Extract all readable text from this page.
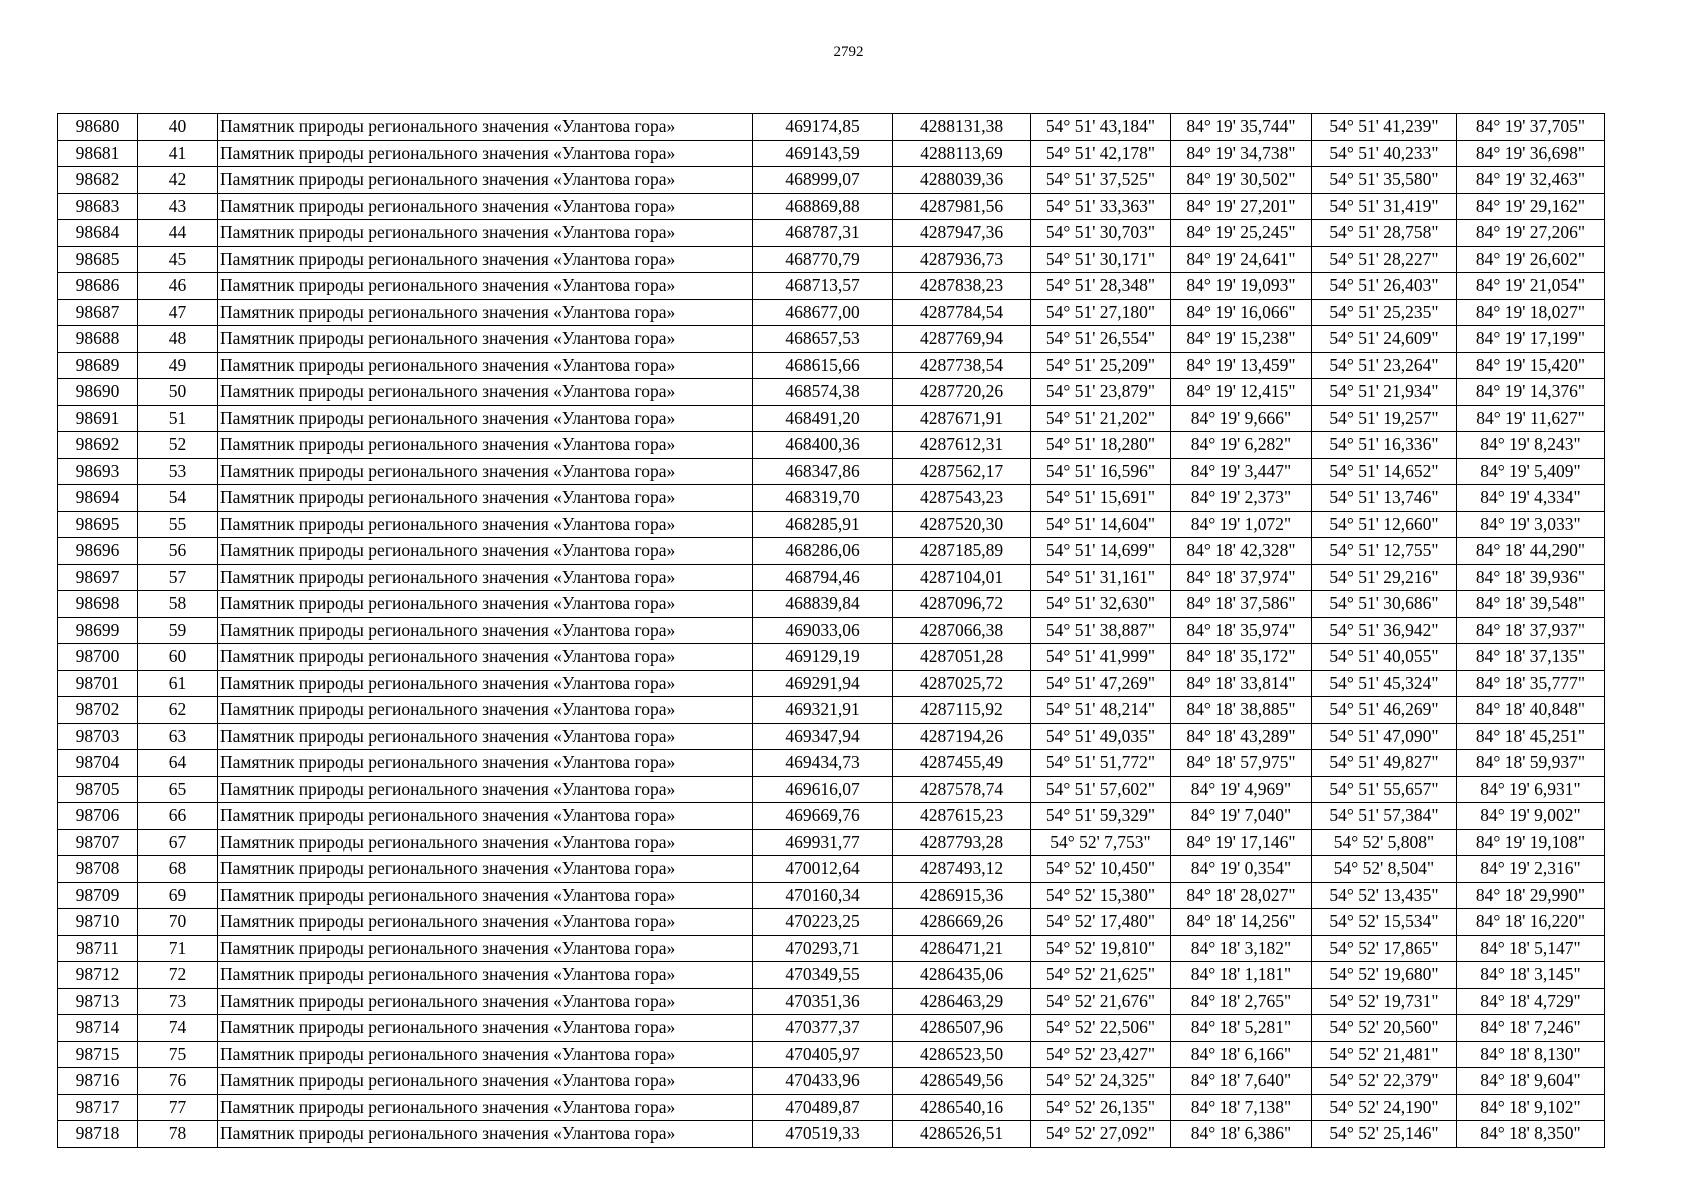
2792
98680	40	Памятник природы регионального значения «Улантова гора»	469174,85	4288131,38	54° 51' 43,184"	84° 19' 35,744"	54° 51' 41,239"	84° 19' 37,705"
98681	41	Памятник природы регионального значения «Улантова гора»	469143,59	4288113,69	54° 51' 42,178"	84° 19' 34,738"	54° 51' 40,233"	84° 19' 36,698"
98682	42	Памятник природы регионального значения «Улантова гора»	468999,07	4288039,36	54° 51' 37,525"	84° 19' 30,502"	54° 51' 35,580"	84° 19' 32,463"
98683	43	Памятник природы регионального значения «Улантова гора»	468869,88	4287981,56	54° 51' 33,363"	84° 19' 27,201"	54° 51' 31,419"	84° 19' 29,162"
98684	44	Памятник природы регионального значения «Улантова гора»	468787,31	4287947,36	54° 51' 30,703"	84° 19' 25,245"	54° 51' 28,758"	84° 19' 27,206"
98685	45	Памятник природы регионального значения «Улантова гора»	468770,79	4287936,73	54° 51' 30,171"	84° 19' 24,641"	54° 51' 28,227"	84° 19' 26,602"
98686	46	Памятник природы регионального значения «Улантова гора»	468713,57	4287838,23	54° 51' 28,348"	84° 19' 19,093"	54° 51' 26,403"	84° 19' 21,054"
98687	47	Памятник природы регионального значения «Улантова гора»	468677,00	4287784,54	54° 51' 27,180"	84° 19' 16,066"	54° 51' 25,235"	84° 19' 18,027"
98688	48	Памятник природы регионального значения «Улантова гора»	468657,53	4287769,94	54° 51' 26,554"	84° 19' 15,238"	54° 51' 24,609"	84° 19' 17,199"
98689	49	Памятник природы регионального значения «Улантова гора»	468615,66	4287738,54	54° 51' 25,209"	84° 19' 13,459"	54° 51' 23,264"	84° 19' 15,420"
98690	50	Памятник природы регионального значения «Улантова гора»	468574,38	4287720,26	54° 51' 23,879"	84° 19' 12,415"	54° 51' 21,934"	84° 19' 14,376"
98691	51	Памятник природы регионального значения «Улантова гора»	468491,20	4287671,91	54° 51' 21,202"	84° 19' 9,666"	54° 51' 19,257"	84° 19' 11,627"
98692	52	Памятник природы регионального значения «Улантова гора»	468400,36	4287612,31	54° 51' 18,280"	84° 19' 6,282"	54° 51' 16,336"	84° 19' 8,243"
98693	53	Памятник природы регионального значения «Улантова гора»	468347,86	4287562,17	54° 51' 16,596"	84° 19' 3,447"	54° 51' 14,652"	84° 19' 5,409"
98694	54	Памятник природы регионального значения «Улантова гора»	468319,70	4287543,23	54° 51' 15,691"	84° 19' 2,373"	54° 51' 13,746"	84° 19' 4,334"
98695	55	Памятник природы регионального значения «Улантова гора»	468285,91	4287520,30	54° 51' 14,604"	84° 19' 1,072"	54° 51' 12,660"	84° 19' 3,033"
98696	56	Памятник природы регионального значения «Улантова гора»	468286,06	4287185,89	54° 51' 14,699"	84° 18' 42,328"	54° 51' 12,755"	84° 18' 44,290"
98697	57	Памятник природы регионального значения «Улантова гора»	468794,46	4287104,01	54° 51' 31,161"	84° 18' 37,974"	54° 51' 29,216"	84° 18' 39,936"
98698	58	Памятник природы регионального значения «Улантова гора»	468839,84	4287096,72	54° 51' 32,630"	84° 18' 37,586"	54° 51' 30,686"	84° 18' 39,548"
98699	59	Памятник природы регионального значения «Улантова гора»	469033,06	4287066,38	54° 51' 38,887"	84° 18' 35,974"	54° 51' 36,942"	84° 18' 37,937"
98700	60	Памятник природы регионального значения «Улантова гора»	469129,19	4287051,28	54° 51' 41,999"	84° 18' 35,172"	54° 51' 40,055"	84° 18' 37,135"
98701	61	Памятник природы регионального значения «Улантова гора»	469291,94	4287025,72	54° 51' 47,269"	84° 18' 33,814"	54° 51' 45,324"	84° 18' 35,777"
98702	62	Памятник природы регионального значения «Улантова гора»	469321,91	4287115,92	54° 51' 48,214"	84° 18' 38,885"	54° 51' 46,269"	84° 18' 40,848"
98703	63	Памятник природы регионального значения «Улантова гора»	469347,94	4287194,26	54° 51' 49,035"	84° 18' 43,289"	54° 51' 47,090"	84° 18' 45,251"
98704	64	Памятник природы регионального значения «Улантова гора»	469434,73	4287455,49	54° 51' 51,772"	84° 18' 57,975"	54° 51' 49,827"	84° 18' 59,937"
98705	65	Памятник природы регионального значения «Улантова гора»	469616,07	4287578,74	54° 51' 57,602"	84° 19' 4,969"	54° 51' 55,657"	84° 19' 6,931"
98706	66	Памятник природы регионального значения «Улантова гора»	469669,76	4287615,23	54° 51' 59,329"	84° 19' 7,040"	54° 51' 57,384"	84° 19' 9,002"
98707	67	Памятник природы регионального значения «Улантова гора»	469931,77	4287793,28	54° 52' 7,753"	84° 19' 17,146"	54° 52' 5,808"	84° 19' 19,108"
98708	68	Памятник природы регионального значения «Улантова гора»	470012,64	4287493,12	54° 52' 10,450"	84° 19' 0,354"	54° 52' 8,504"	84° 19' 2,316"
98709	69	Памятник природы регионального значения «Улантова гора»	470160,34	4286915,36	54° 52' 15,380"	84° 18' 28,027"	54° 52' 13,435"	84° 18' 29,990"
98710	70	Памятник природы регионального значения «Улантова гора»	470223,25	4286669,26	54° 52' 17,480"	84° 18' 14,256"	54° 52' 15,534"	84° 18' 16,220"
98711	71	Памятник природы регионального значения «Улантова гора»	470293,71	4286471,21	54° 52' 19,810"	84° 18' 3,182"	54° 52' 17,865"	84° 18' 5,147"
98712	72	Памятник природы регионального значения «Улантова гора»	470349,55	4286435,06	54° 52' 21,625"	84° 18' 1,181"	54° 52' 19,680"	84° 18' 3,145"
98713	73	Памятник природы регионального значения «Улантова гора»	470351,36	4286463,29	54° 52' 21,676"	84° 18' 2,765"	54° 52' 19,731"	84° 18' 4,729"
98714	74	Памятник природы регионального значения «Улантова гора»	470377,37	4286507,96	54° 52' 22,506"	84° 18' 5,281"	54° 52' 20,560"	84° 18' 7,246"
98715	75	Памятник природы регионального значения «Улантова гора»	470405,97	4286523,50	54° 52' 23,427"	84° 18' 6,166"	54° 52' 21,481"	84° 18' 8,130"
98716	76	Памятник природы регионального значения «Улантова гора»	470433,96	4286549,56	54° 52' 24,325"	84° 18' 7,640"	54° 52' 22,379"	84° 18' 9,604"
98717	77	Памятник природы регионального значения «Улантова гора»	470489,87	4286540,16	54° 52' 26,135"	84° 18' 7,138"	54° 52' 24,190"	84° 18' 9,102"
98718	78	Памятник природы регионального значения «Улантова гора»	470519,33	4286526,51	54° 52' 27,092"	84° 18' 6,386"	54° 52' 25,146"	84° 18' 8,350"
